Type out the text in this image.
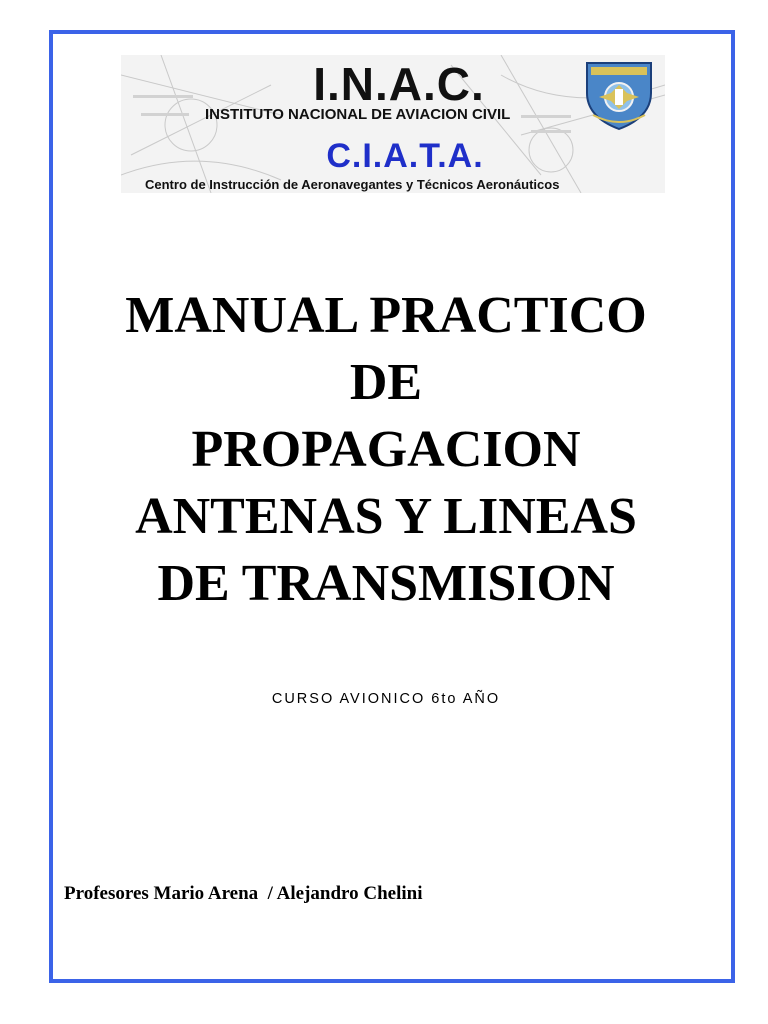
I.N.A.C.
INSTITUTO NACIONAL DE AVIACION CIVIL
C.I.A.T.A.
Centro de Instrucción de Aeronavegantes y Técnicos Aeronáuticos
MANUAL PRACTICO
DE
PROPAGACION
ANTENAS Y LINEAS
DE TRANSMISION
CURSO AVIONICO 6to AÑO
Profesores Mario Arena  / Alejandro Chelini
